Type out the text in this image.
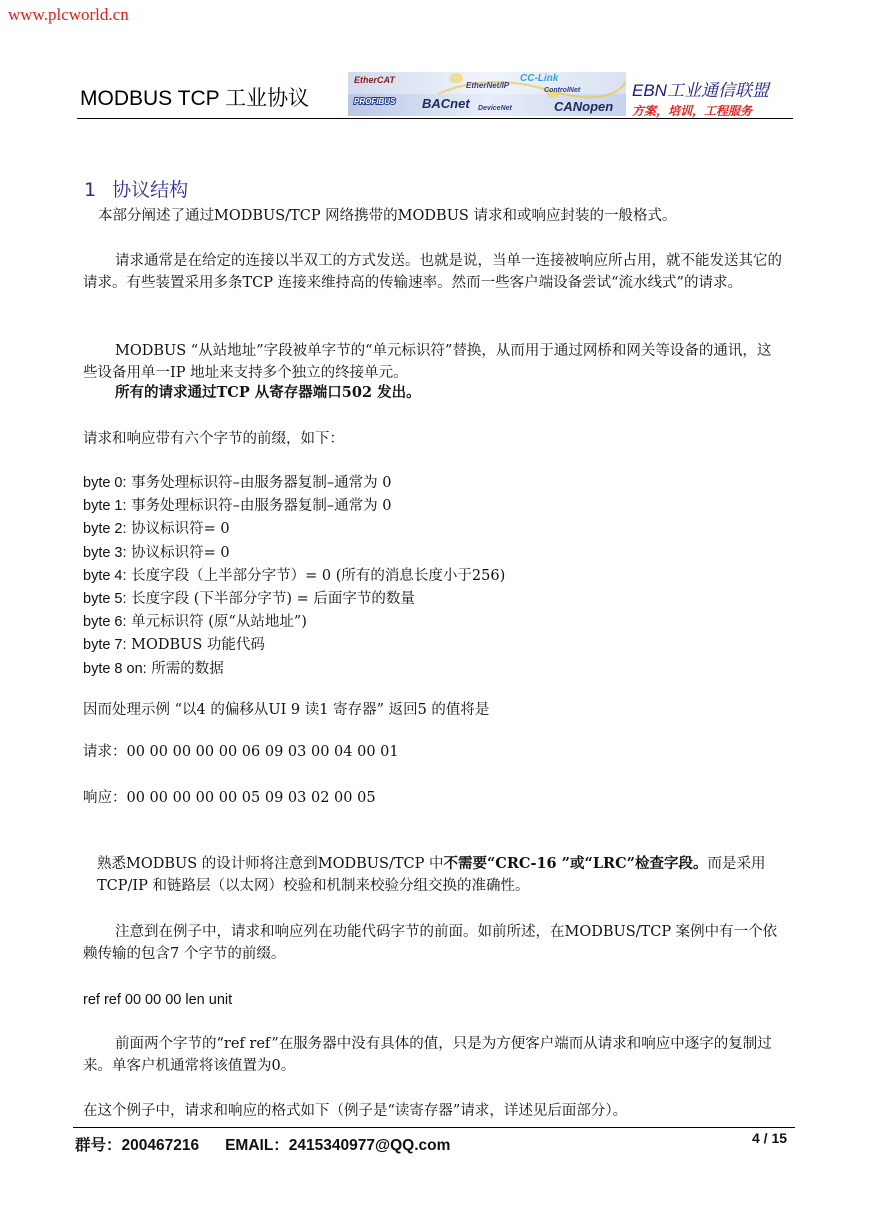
www.plcworld.cn
MODBUS TCP 工业协议
EtherCAT
EtherNet/IP
CC-Link
ControlNet
PROFIBUS BACnet DeviceNet	CANopen
EBN工业通信联盟
方案，培训，工程服务
1 协议结构

本部分阐述了通过MODBUS/TCP 网络携带的MODBUS 请求和或响应封装的一般格式。

请求通常是在给定的连接以半双工的方式发送。也就是说，当单一连接被响应所占用，就不能发送其它的请求。有些装置采用多条TCP 连接来维持高的传输速率。然而一些客户端设备尝试“流水线式”的请求。

MODBUS “从站地址”字段被单字节的“单元标识符”替换，从而用于通过网桥和网关等设备的通讯，这些设备用单一IP 地址来支持多个独立的终接单元。

所有的请求通过TCP 从寄存器端口502 发出。

请求和响应带有六个字节的前缀，如下：

byte 0: 事务处理标识符–由服务器复制–通常为 0
byte 1: 事务处理标识符–由服务器复制–通常为 0
byte 2: 协议标识符= 0
byte 3: 协议标识符= 0
byte 4: 长度字段（上半部分字节）= 0 (所有的消息长度小于256)
byte 5: 长度字段 (下半部分字节) = 后面字节的数量
byte 6: 单元标识符 (原“从站地址”)
byte 7: MODBUS 功能代码
byte 8 on: 所需的数据

因而处理示例 “以4 的偏移从UI 9 读1 寄存器” 返回5 的值将是

请求：00 00 00 00 00 06 09 03 00 04 00 01

响应：00 00 00 00 00 05 09 03 02 00 05

熟悉MODBUS 的设计师将注意到MODBUS/TCP 中不需要“CRC-16 ”或“LRC”检查字段。而是采用TCP/IP 和链路层（以太网）校验和机制来校验分组交换的准确性。

注意到在例子中，请求和响应列在功能代码字节的前面。如前所述，在MODBUS/TCP 案例中有一个依赖传输的包含7 个字节的前缀。

ref ref 00 00 00 len unit

前面两个字节的“ref ref”在服务器中没有具体的值，只是为方便客户端而从请求和响应中逐字的复制过来。单客户机通常将该值置为0。

在这个例子中，请求和响应的格式如下（例子是“读寄存器”请求，详述见后面部分）。

群号：200467216 EMAIL：2415340977@QQ.com	4 / 15
